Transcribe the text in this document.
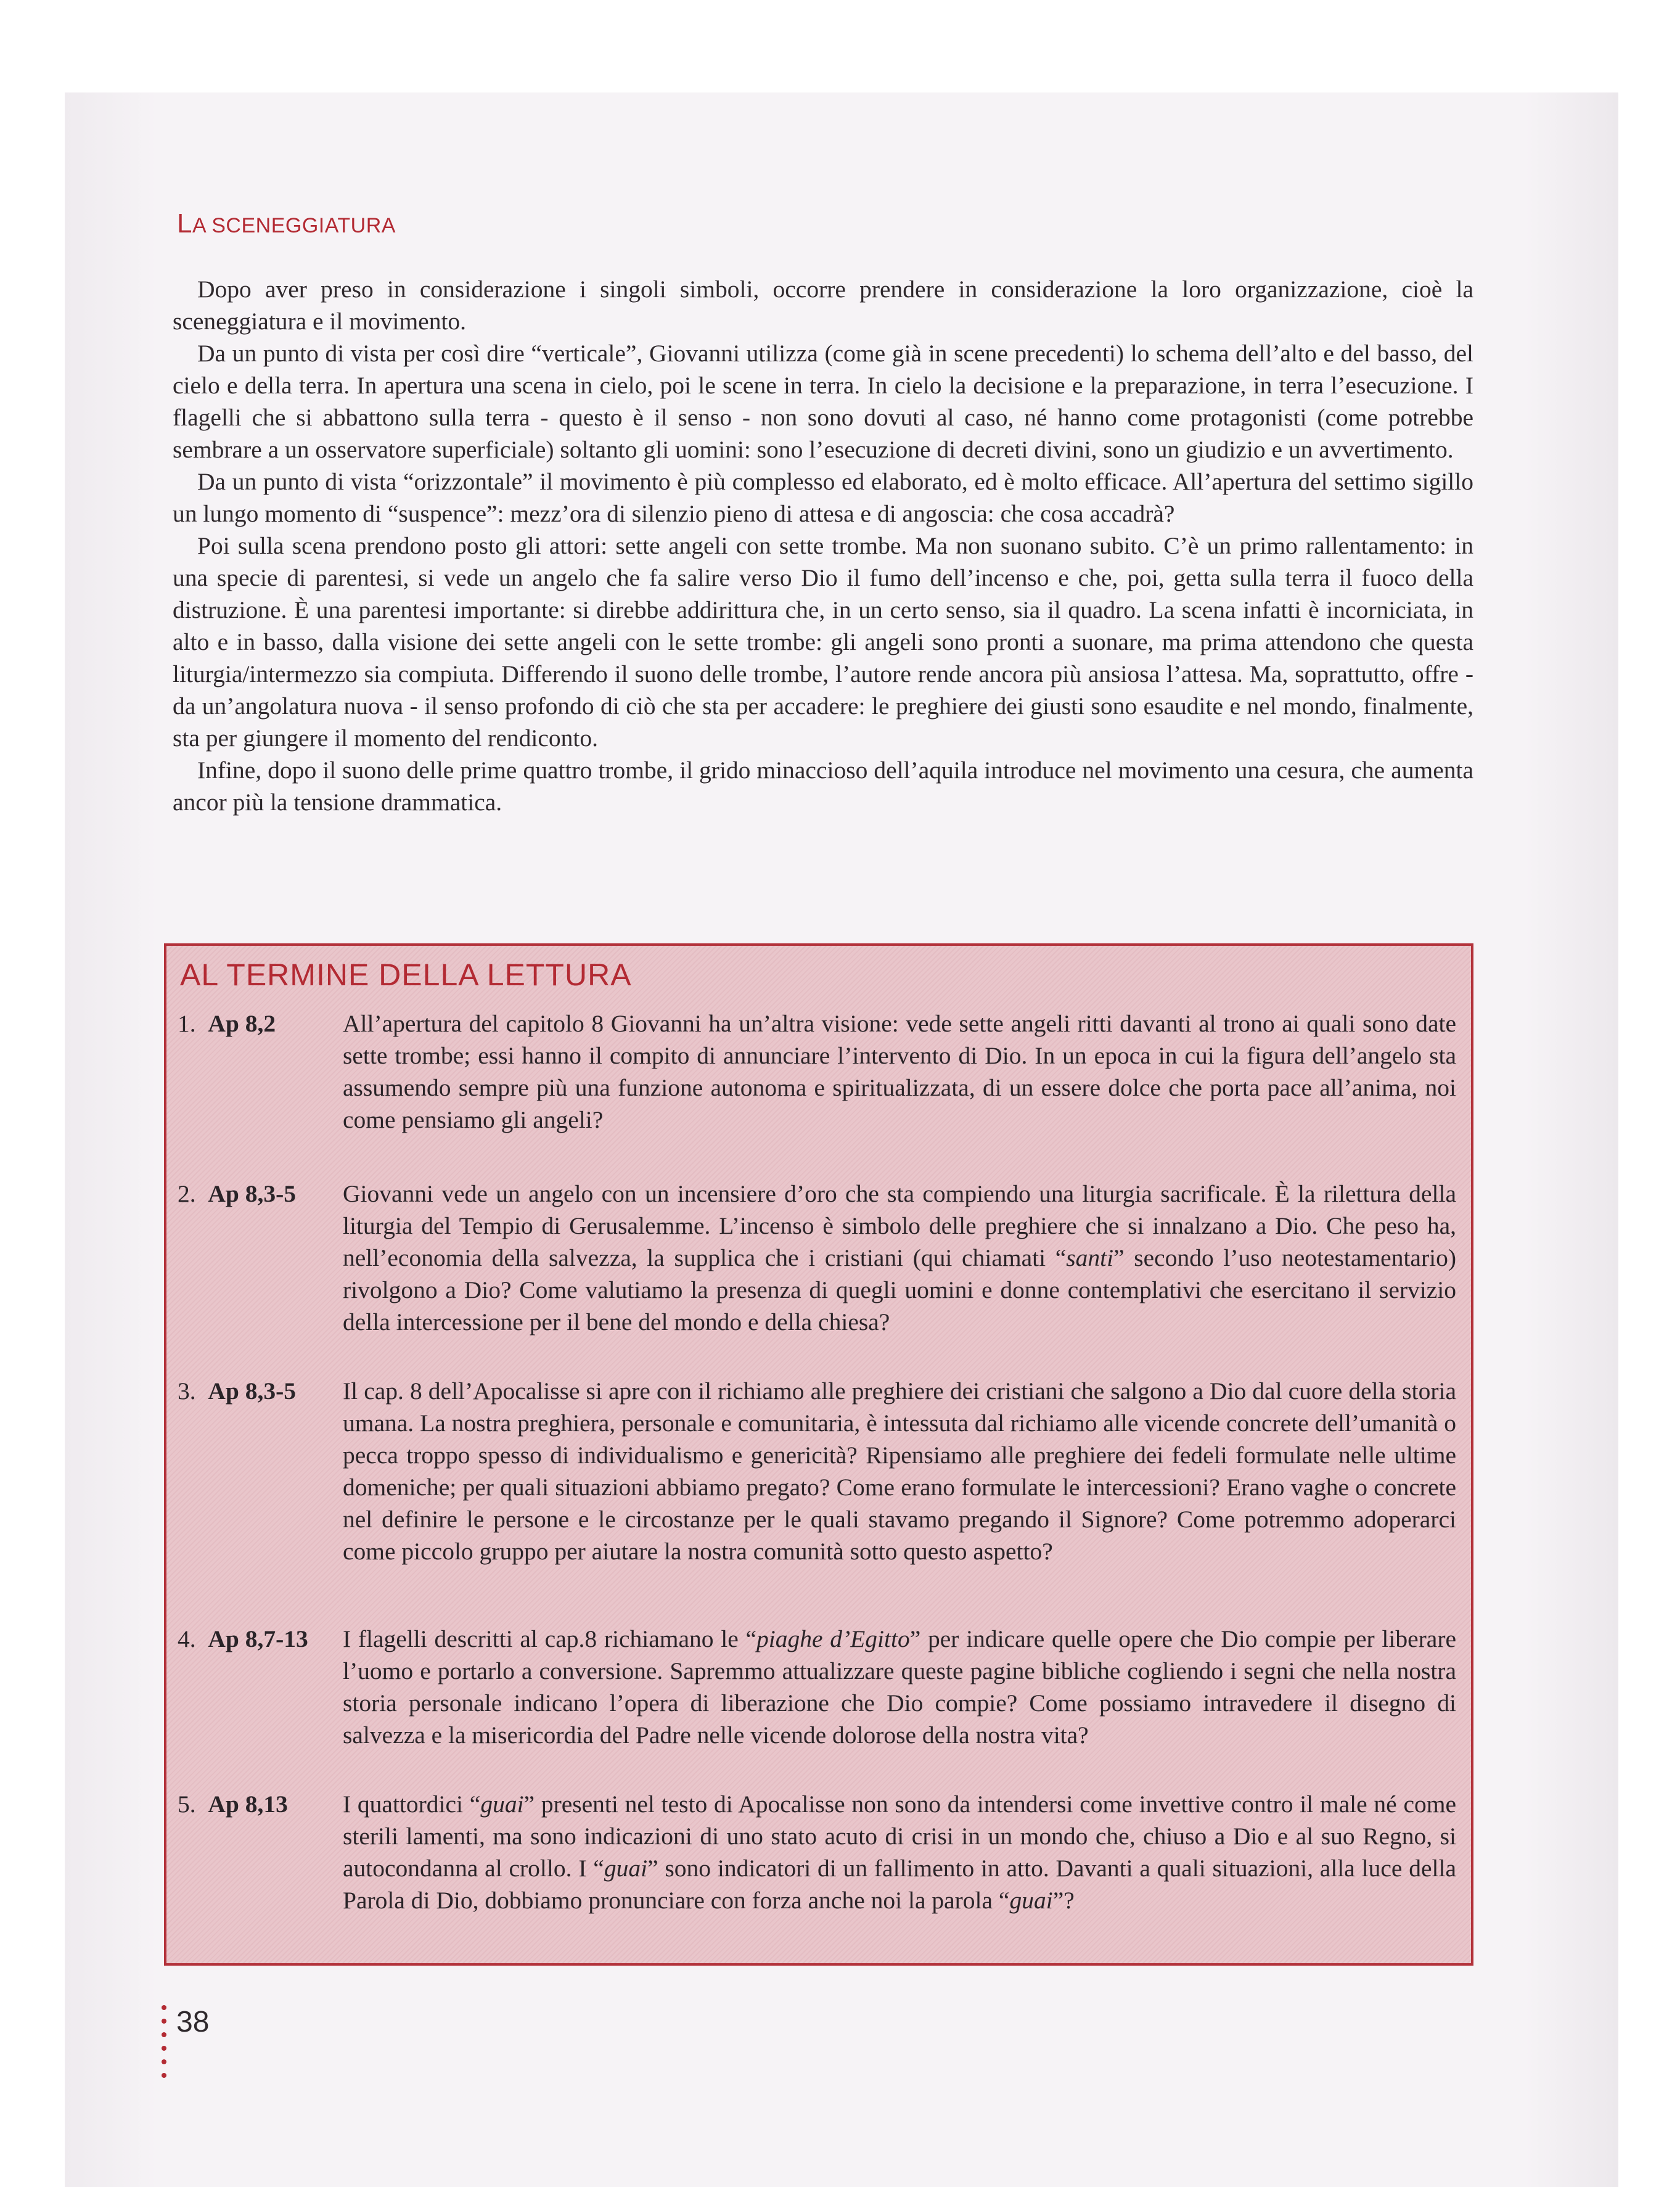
LA SCENEGGIATURA

Dopo aver preso in considerazione i singoli simboli, occorre prendere in considerazione la loro organizzazione, cioè la sceneggiatura e il movimento.

Da un punto di vista per così dire “verticale”, Giovanni utilizza (come già in scene precedenti) lo schema dell’alto e del basso, del cielo e della terra. In apertura una scena in cielo, poi le scene in terra. In cielo la decisione e la preparazione, in terra l’esecuzione. I flagelli che si abbattono sulla terra - questo è il senso - non sono dovuti al caso, né hanno come protagonisti (come potrebbe sembrare a un osservatore superficiale) soltanto gli uomini: sono l’esecuzione di decreti divini, sono un giudizio e un avvertimento.

Da un punto di vista “orizzontale” il movimento è più complesso ed elaborato, ed è molto efficace. All’apertura del settimo sigillo un lungo momento di “suspence”: mezz’ora di silenzio pieno di attesa e di angoscia: che cosa accadrà?

Poi sulla scena prendono posto gli attori: sette angeli con sette trombe. Ma non suonano subito. C’è un primo rallentamento: in una specie di parentesi, si vede un angelo che fa salire verso Dio il fumo dell’incenso e che, poi, getta sulla terra il fuoco della distruzione. È una parentesi importante: si direbbe addirittura che, in un certo senso, sia il quadro. La scena infatti è incorniciata, in alto e in basso, dalla visione dei sette angeli con le sette trombe: gli angeli sono pronti a suonare, ma prima attendono che questa liturgia/intermezzo sia compiuta. Differendo il suono delle trombe, l’autore rende ancora più ansiosa l’attesa. Ma, soprattutto, offre - da un’angolatura nuova - il senso profondo di ciò che sta per accadere: le preghiere dei giusti sono esaudite e nel mondo, finalmente, sta per giungere il momento del rendiconto.

Infine, dopo il suono delle prime quattro trombe, il grido minaccioso dell’aquila introduce nel movimento una cesura, che aumenta ancor più la tensione drammatica.

AL TERMINE DELLA LETTURA
1. Ap 8,2	All’apertura del capitolo 8 Giovanni ha un’altra visione: vede sette angeli ritti davanti al trono ai quali sono date sette trombe; essi hanno il compito di annunciare l’intervento di Dio. In un epoca in cui la figura dell’angelo sta assumendo sempre più una funzione autonoma e spiritualizzata, di un essere dolce che porta pace all’anima, noi come pensiamo gli angeli?
2. Ap 8,3-5 Giovanni vede un angelo con un incensiere d’oro che sta compiendo una liturgia sacrificale. È la rilettura della liturgia del Tempio di Gerusalemme. L’incenso è simbolo delle preghiere che si innalzano a Dio. Che peso ha, nell’economia della salvezza, la supplica che i cristiani (qui chiamati “santi” secondo l’uso neotestamentario) rivolgono a Dio? Come valutiamo la presenza di quegli uomini e donne contemplativi che esercitano il servizio della intercessione per il bene del mondo e della chiesa?
3. Ap 8,3-5 Il cap. 8 dell’Apocalisse si apre con il richiamo alle preghiere dei cristiani che salgono a Dio dal cuore della storia umana. La nostra preghiera, personale e comunitaria, è intessuta dal richiamo alle vicende concrete dell’umanità o pecca troppo spesso di individualismo e genericità? Ripensiamo alle preghiere dei fedeli formulate nelle ultime domeniche; per quali situazioni abbiamo pregato? Come erano formulate le intercessioni? Erano vaghe o concrete nel definire le persone e le circostanze per le quali stavamo pregando il Signore? Come potremmo adoperarci come piccolo gruppo per aiutare la nostra comunità sotto questo aspetto?
4. Ap 8,7-13 I flagelli descritti al cap.8 richiamano le “piaghe d’Egitto” per indicare quelle opere che Dio compie per liberare l’uomo e portarlo a conversione. Sapremmo attualizzare queste pagine bibliche cogliendo i segni che nella nostra storia personale indicano l’opera di liberazione che Dio compie? Come possiamo intravedere il disegno di salvezza e la misericordia del Padre nelle vicende dolorose della nostra vita?
5. Ap 8,13 I quattordici “guai” presenti nel testo di Apocalisse non sono da intendersi come invettive contro il male né come sterili lamenti, ma sono indicazioni di uno stato acuto di crisi in un mondo che, chiuso a Dio e al suo Regno, si autocondanna al crollo. I “guai” sono indicatori di un fallimento in atto. Davanti a quali situazioni, alla luce della Parola di Dio, dobbiamo pronunciare con forza anche noi la parola “guai”?
38
